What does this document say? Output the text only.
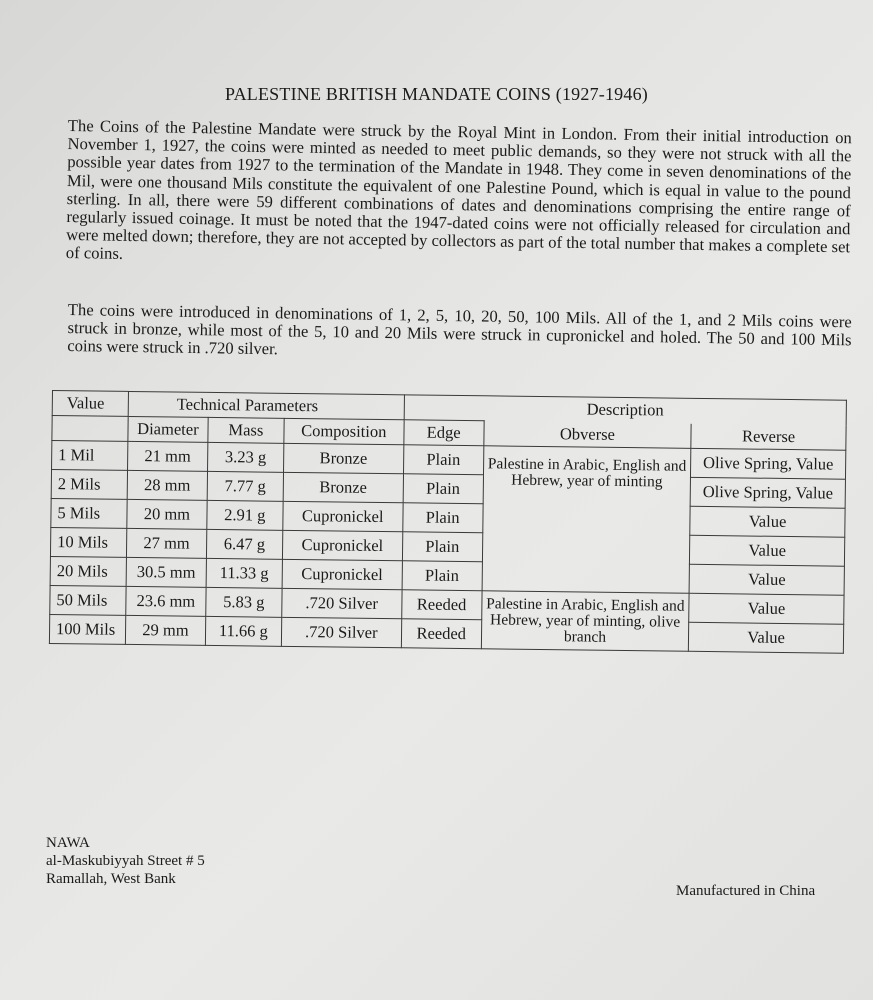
PALESTINE BRITISH MANDATE COINS (1927-1946)
The Coins of the Palestine Mandate were struck by the Royal Mint in London. From their initial introduction on November 1, 1927, the coins were minted as needed to meet public demands, so they were not struck with all the possible year dates from 1927 to the termination of the Mandate in 1948. They come in seven denominations of the Mil, were one thousand Mils constitute the equivalent of one Palestine Pound, which is equal in value to the pound sterling. In all, there were 59 different combinations of dates and denominations comprising the entire range of regularly issued coinage. It must be noted that the 1947-dated coins were not officially released for circulation and were melted down; therefore, they are not accepted by collectors as part of the total number that makes a complete set of coins.
The coins were introduced in denominations of 1, 2, 5, 10, 20, 50, 100 Mils. All of the 1, and 2 Mils coins were struck in bronze, while most of the 5, 10 and 20 Mils were struck in cupronickel and holed. The 50 and 100 Mils coins were struck in .720 silver.
Value	Technical Parameters			Description		
	Diameter	Mass	Composition	Edge	Obverse	Reverse
1 Mil	21 mm	3.23 g	Bronze	Plain	Palestine in Arabic, English and Hebrew, year of minting	Olive Spring, Value
2 Mils	28 mm	7.77 g	Bronze	Plain		Olive Spring, Value
5 Mils	20 mm	2.91 g	Cupronickel	Plain		Value
10 Mils	27 mm	6.47 g	Cupronickel	Plain		Value
20 Mils	30.5 mm	11.33 g	Cupronickel	Plain		Value
50 Mils	23.6 mm	5.83 g	.720 Silver	Reeded	Palestine in Arabic, English and Hebrew, year of minting, olive branch	Value
100 Mils	29 mm	11.66 g	.720 Silver	Reeded		Value
NAWA
al-Maskubiyyah Street # 5
Ramallah, West Bank
Manufactured in China
